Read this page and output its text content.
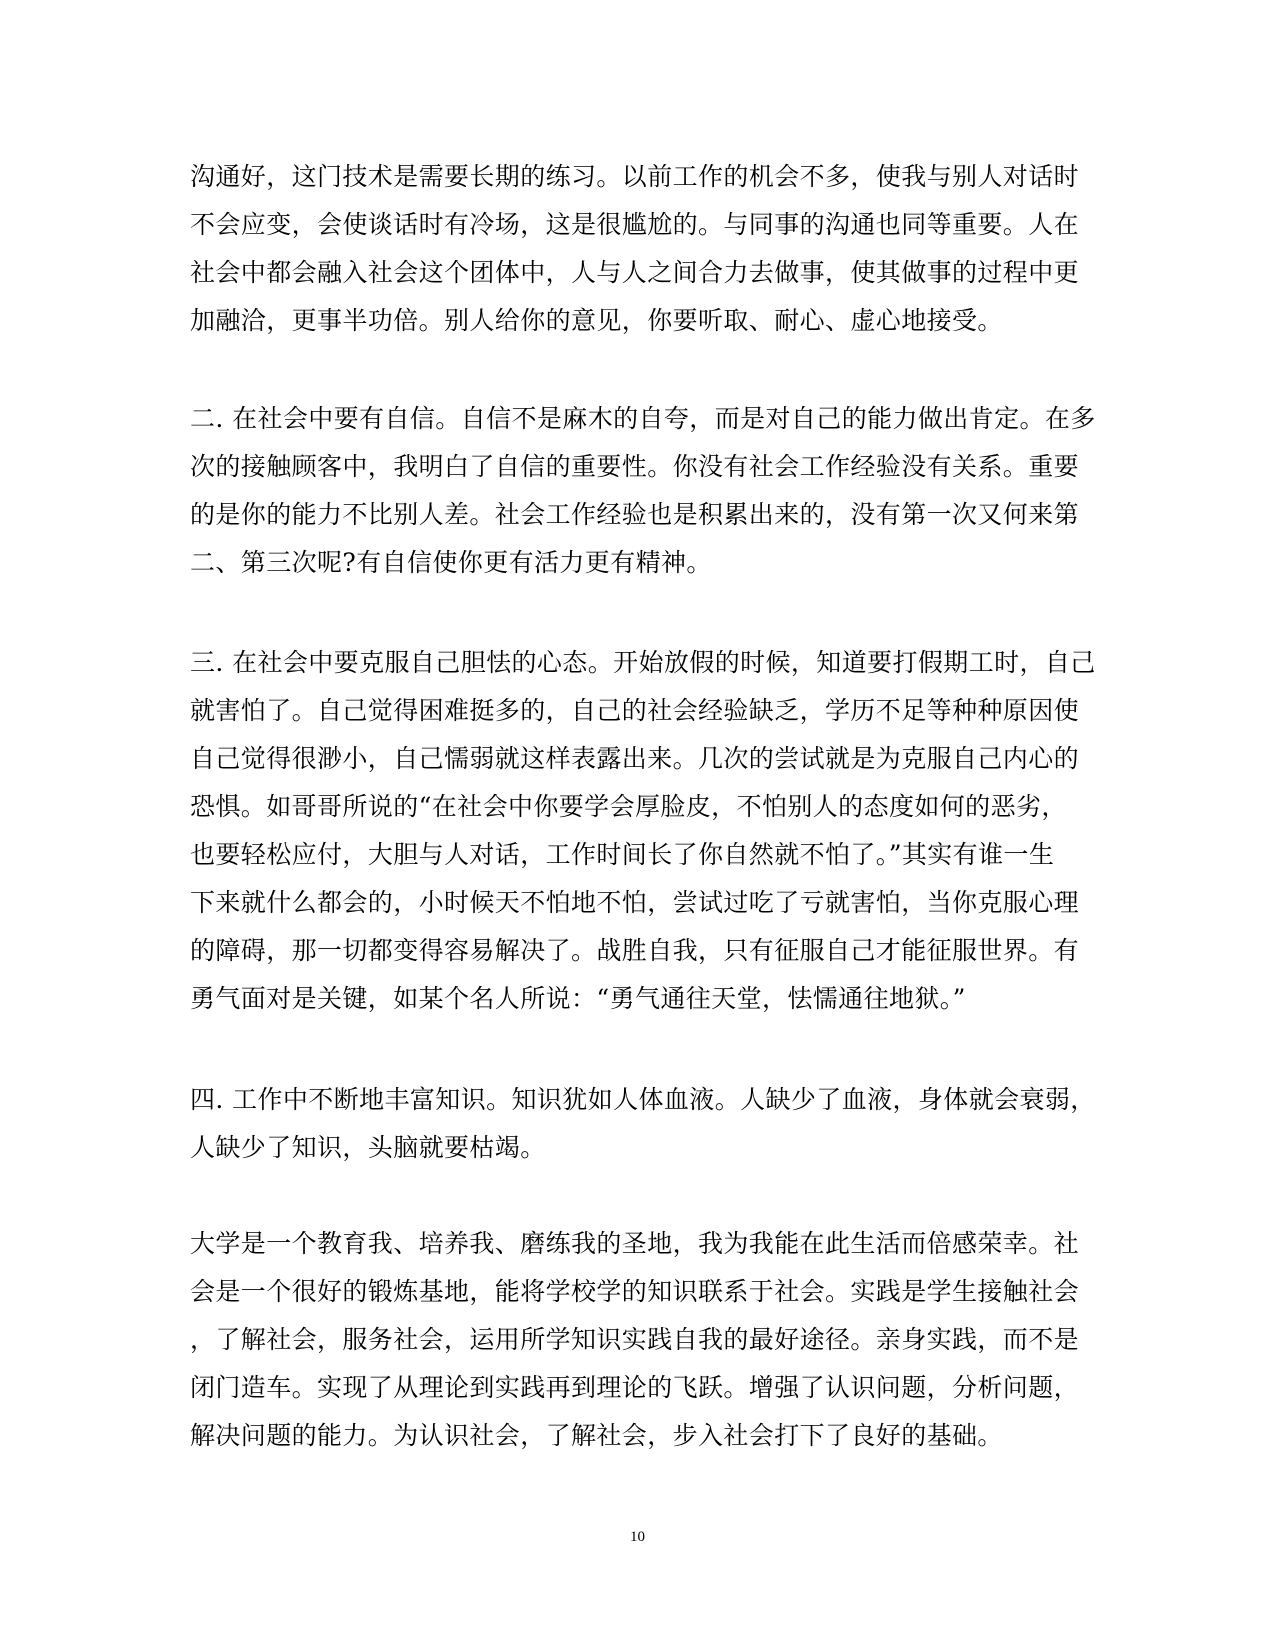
沟通好，这门技术是需要长期的练习。以前工作的机会不多，使我与别人对话时
不会应变，会使谈话时有冷场，这是很尴尬的。与同事的沟通也同等重要。人在
社会中都会融入社会这个团体中，人与人之间合力去做事，使其做事的过程中更
加融洽，更事半功倍。别人给你的意见，你要听取、耐心、虚心地接受。
二. 在社会中要有自信。自信不是麻木的自夸，而是对自己的能力做出肯定。在多
次的接触顾客中，我明白了自信的重要性。你没有社会工作经验没有关系。重要
的是你的能力不比别人差。社会工作经验也是积累出来的，没有第一次又何来第
二、第三次呢?有自信使你更有活力更有精神。
三. 在社会中要克服自己胆怯的心态。开始放假的时候，知道要打假期工时，自己
就害怕了。自己觉得困难挺多的，自己的社会经验缺乏，学历不足等种种原因使
自己觉得很渺小，自己懦弱就这样表露出来。几次的尝试就是为克服自己内心的
恐惧。如哥哥所说的“在社会中你要学会厚脸皮，不怕别人的态度如何的恶劣，
也要轻松应付，大胆与人对话，工作时间长了你自然就不怕了。”其实有谁一生
下来就什么都会的，小时候天不怕地不怕，尝试过吃了亏就害怕，当你克服心理
的障碍，那一切都变得容易解决了。战胜自我，只有征服自己才能征服世界。有
勇气面对是关键，如某个名人所说：“勇气通往天堂，怯懦通往地狱。”
四. 工作中不断地丰富知识。知识犹如人体血液。人缺少了血液，身体就会衰弱，
人缺少了知识，头脑就要枯竭。
大学是一个教育我、培养我、磨练我的圣地，我为我能在此生活而倍感荣幸。社
会是一个很好的锻炼基地，能将学校学的知识联系于社会。实践是学生接触社会
，了解社会，服务社会，运用所学知识实践自我的最好途径。亲身实践，而不是
闭门造车。实现了从理论到实践再到理论的飞跃。增强了认识问题，分析问题，
解决问题的能力。为认识社会，了解社会，步入社会打下了良好的基础。
10
